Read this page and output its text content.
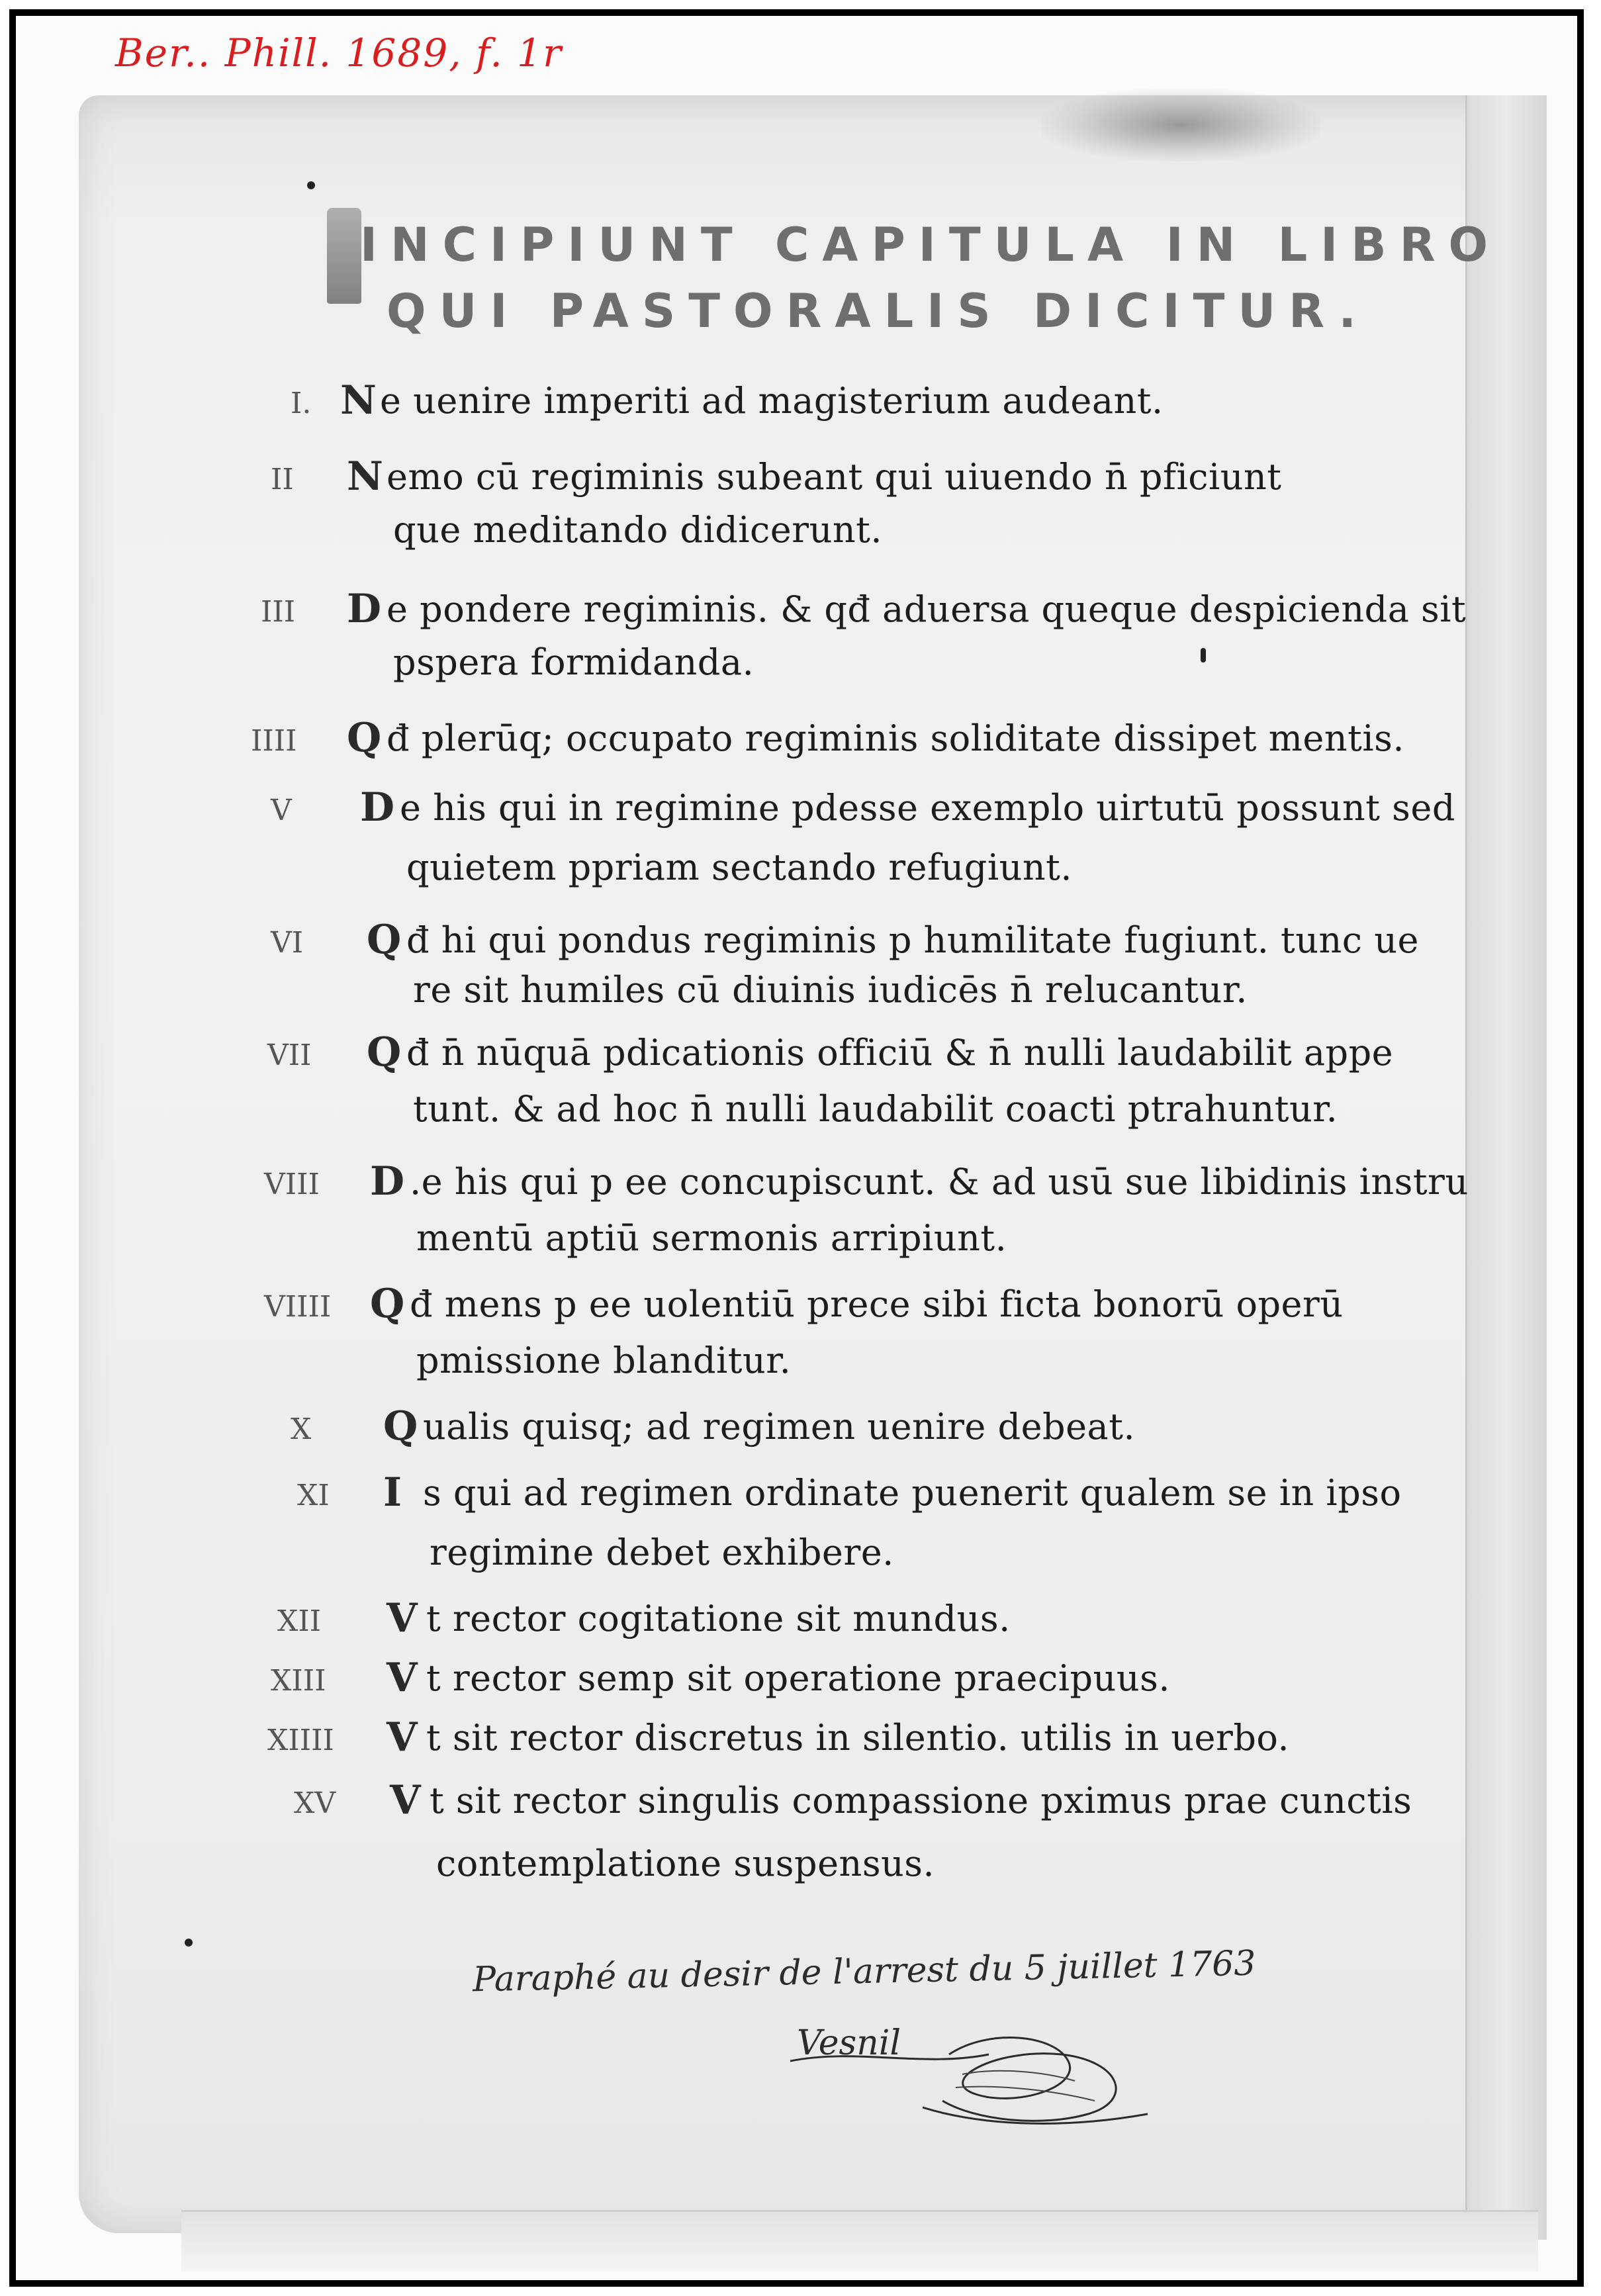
Ber.. Phill. 1689, f. 1r
INCIPIUNT CAPITULA IN LIBRO
QUI PASTORALIS DICITUR.
I. N e uenire imperiti ad magisterium audeant.
II N emo cū regiminis subeant qui uiuendo n̄ pficiunt
que meditando didicerunt.
III D e pondere regiminis. & qđ aduersa queque despicienda sit
pspera formidanda.
IIII Q đ plerūq; occupato regiminis soliditate dissipet mentis.
V D e his qui in regimine pdesse exemplo uirtutū possunt sed
quietem ppriam sectando refugiunt.
VI Q đ hi qui pondus regiminis p humilitate fugiunt. tunc ue
re sit humiles cū diuinis iudicēs n̄ relucantur.
VII Q đ n̄ nūquā pdicationis officiū & n̄ nulli laudabilit appe
tunt. & ad hoc n̄ nulli laudabilit coacti ptrahuntur.
VIII D .e his qui p ee concupiscunt. & ad usū sue libidinis instru
mentū aptiū sermonis arripiunt.
VIIII Q đ mens p ee uolentiū prece sibi ficta bonorū operū
pmissione blanditur.
X Q ualis quisq; ad regimen uenire debeat.
XI I s qui ad regimen ordinate puenerit qualem se in ipso
regimine debet exhibere.
XII V t rector cogitatione sit mundus.
XIII V t rector semp sit operatione praecipuus.
XIIII V t sit rector discretus in silentio. utilis in uerbo.
XV V t sit rector singulis compassione pximus prae cunctis
contemplatione suspensus.
Paraphé au desir de l'arrest du 5 juillet 1763
Vesnil
